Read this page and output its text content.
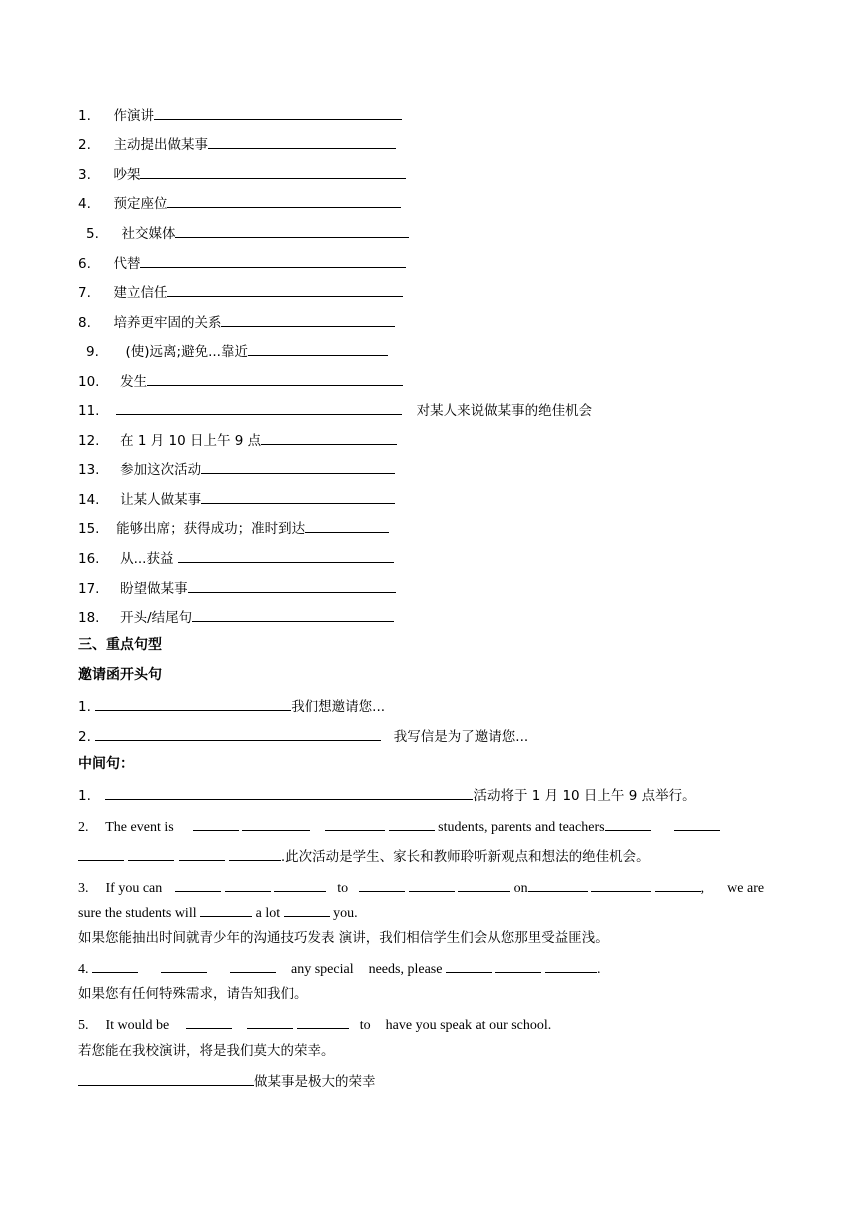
1. 作演讲
2. 主动提出做某事
3. 吵架
4. 预定座位
5. 社交媒体
6. 代替
7. 建立信任
8. 培养更牢固的关系
9. (使)远离;避免...靠近
10. 发生
11.	对某人来说做某事的绝佳机会
12. 在 1 月 10 日上午 9 点
13. 参加这次活动
14. 让某人做某事
15. 能够出席；获得成功；准时到达
16. 从...获益
17. 盼望做某事
18. 开头/结尾句
三、重点句型
邀请函开头句
1.	我们想邀请您...
2.	我写信是为了邀请您...
中间句：
1.	活动将于 1 月 10 日上午 9 点举行。
2. The event is	students, parents and teachers
.此次活动是学生、家长和教师聆听新观点和想法的绝佳机会。
3. If you can	to	on	,  we are
sure the students will	a lot	you.
如果您能抽出时间就青少年的沟通技巧发表 演讲，我们相信学生们会从您那里受益匪浅。
4.	any special needs, please	.
如果您有任何特殊需求，请告知我们。
5. It would be	to have you speak at our school.
若您能在我校演讲，将是我们莫大的荣幸。
做某事是极大的荣幸
